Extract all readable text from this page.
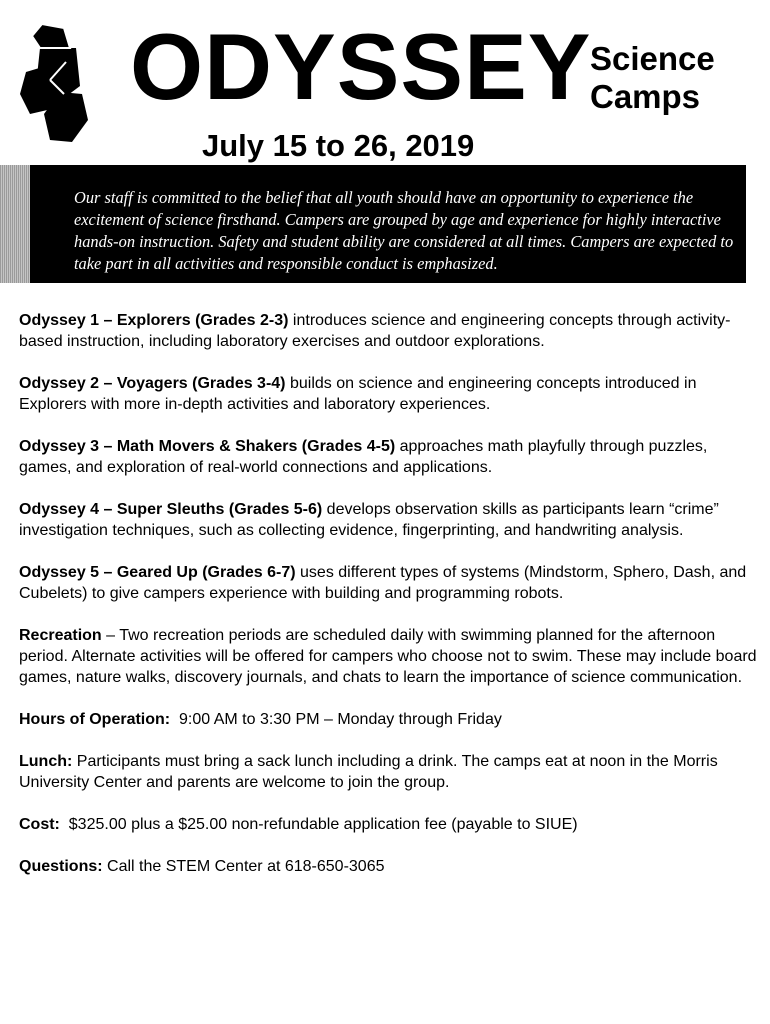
ODYSSEY
Science
Camps
July 15 to 26, 2019
Our staff is committed to the belief that all youth should have an opportunity to experience the excitement of science firsthand. Campers are grouped by age and experience for highly interactive hands-on instruction. Safety and student ability are considered at all times. Campers are expected to take part in all activities and responsible conduct is emphasized.

Odyssey 1 – Explorers (Grades 2-3) introduces science and engineering concepts through activity-based instruction, including laboratory exercises and outdoor explorations.

Odyssey 2 – Voyagers (Grades 3-4) builds on science and engineering concepts introduced in Explorers with more in-depth activities and laboratory experiences.

Odyssey 3 – Math Movers & Shakers (Grades 4-5) approaches math playfully through puzzles, games, and exploration of real-world connections and applications.

Odyssey 4 – Super Sleuths (Grades 5-6) develops observation skills as participants learn “crime” investigation techniques, such as collecting evidence, fingerprinting, and handwriting analysis.

Odyssey 5 – Geared Up (Grades 6-7) uses different types of systems (Mindstorm, Sphero, Dash, and Cubelets) to give campers experience with building and programming robots.

Recreation – Two recreation periods are scheduled daily with swimming planned for the afternoon period. Alternate activities will be offered for campers who choose not to swim. These may include board games, nature walks, discovery journals, and chats to learn the importance of science communication.

Hours of Operation:  9:00 AM to 3:30 PM – Monday through Friday

Lunch: Participants must bring a sack lunch including a drink. The camps eat at noon in the Morris University Center and parents are welcome to join the group.

Cost:  $325.00 plus a $25.00 non-refundable application fee (payable to SIUE)

Questions: Call the STEM Center at 618-650-3065
